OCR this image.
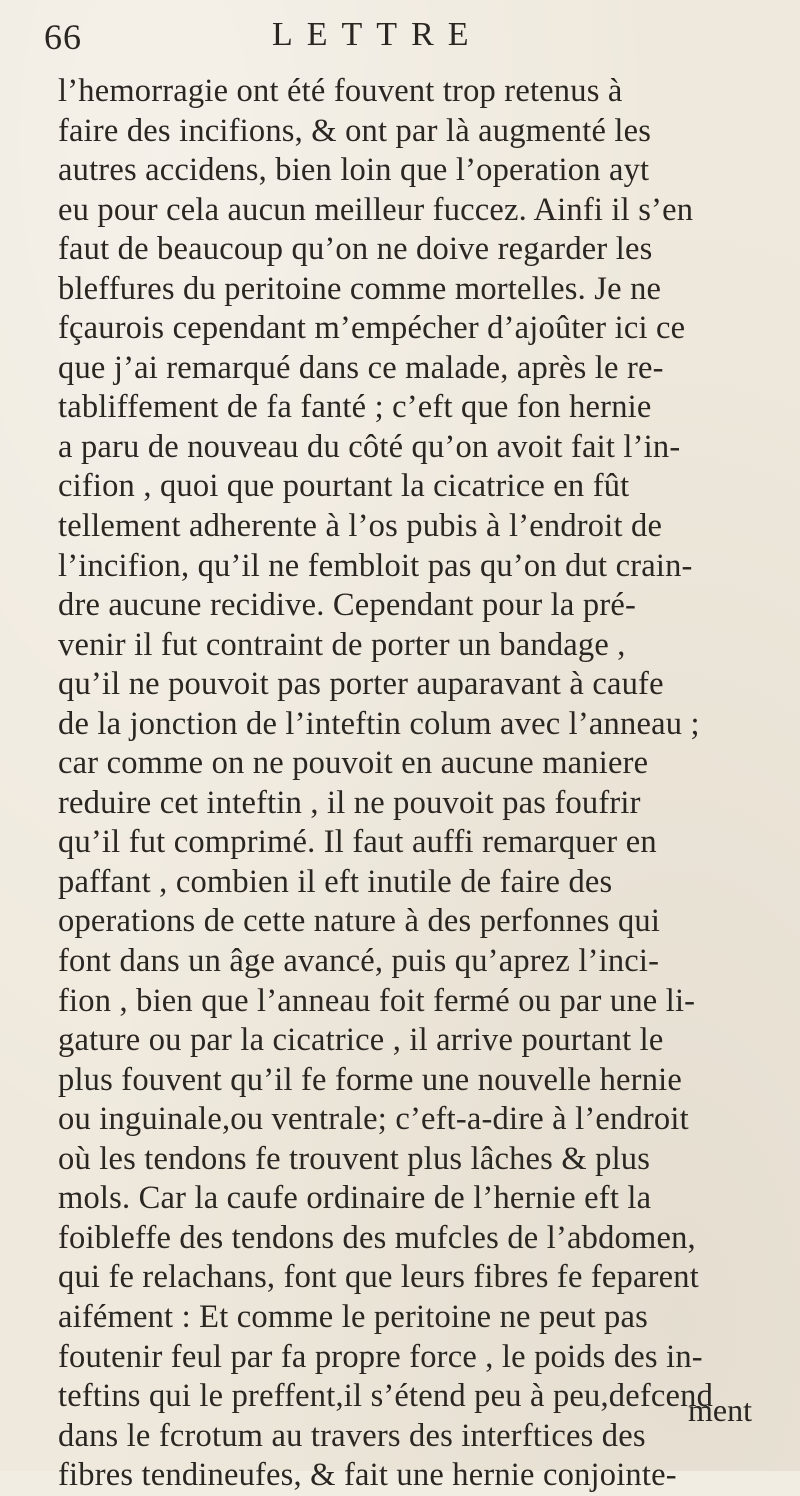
66	LETTRE
l’hemorragie ont été fouvent trop retenus à
faire des incifions, & ont par là augmenté les
autres accidens, bien loin que l’operation ayt
eu pour cela aucun meilleur fuccez. Ainfi il s’en
faut de beaucoup qu’on ne doive regarder les
bleffures du peritoine comme mortelles. Je ne
fçaurois cependant m’empécher d’ajoûter ici ce
que j’ai remarqué dans ce malade, après le re-
tabliffement de fa fanté ; c’eft que fon hernie
a paru de nouveau du côté qu’on avoit fait l’in-
cifion , quoi que pourtant la cicatrice en fût
tellement adherente à l’os pubis à l’endroit de
l’incifion, qu’il ne fembloit pas qu’on dut crain-
dre aucune recidive. Cependant pour la pré-
venir il fut contraint de porter un bandage ,
qu’il ne pouvoit pas porter auparavant à caufe
de la jonction de l’inteftin colum avec l’anneau ;
car comme on ne pouvoit en aucune maniere
reduire cet inteftin , il ne pouvoit pas foufrir
qu’il fut comprimé. Il faut auffi remarquer en
paffant , combien il eft inutile de faire des
operations de cette nature à des perfonnes qui
font dans un âge avancé, puis qu’aprez l’inci-
fion , bien que l’anneau foit fermé ou par une li-
gature ou par la cicatrice , il arrive pourtant le
plus fouvent qu’il fe forme une nouvelle hernie
ou inguinale,ou ventrale; c’eft-a-dire à l’endroit
où les tendons fe trouvent plus lâches & plus
mols. Car la caufe ordinaire de l’hernie eft la
foibleffe des tendons des mufcles de l’abdomen,
qui fe relachans, font que leurs fibres fe feparent
aifément : Et comme le peritoine ne peut pas
foutenir feul par fa propre force , le poids des in-
teftins qui le preffent,il s’étend peu à peu,defcend
dans le fcrotum au travers des interftices des
fibres tendineufes, & fait une hernie conjointe-
ment
